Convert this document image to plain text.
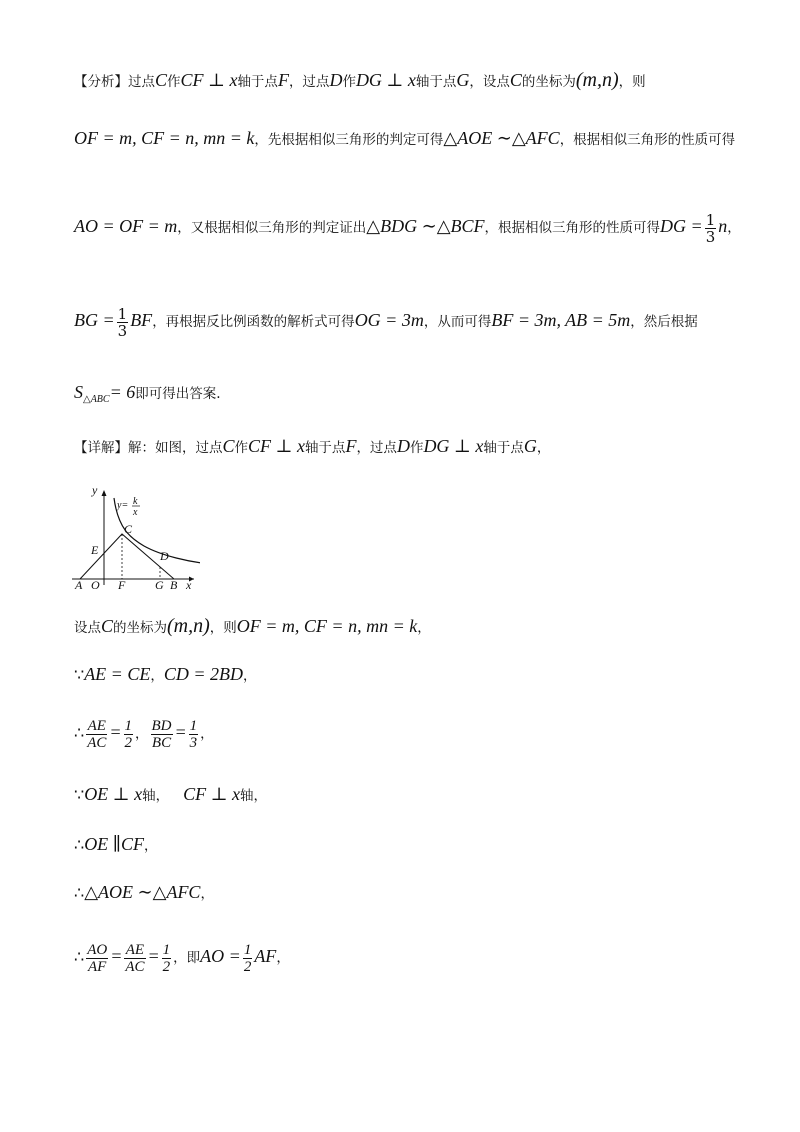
【分析】过点C作CF ⊥ x轴于点F，过点D作DG ⊥ x轴于点G，设点C的坐标为(m,n)，则
OF = m, CF = n, mn = k，先根据相似三角形的判定可得△AOE ∼△AFC，根据相似三角形的性质可得
AO = OF = m，又根据相似三角形的判定证出△BDG ∼△BCF，根据相似三角形的性质可得DG = $\frac{1}{3}$ n，
BG = $\frac{1}{3}$ BF，再根据反比例函数的解析式可得OG = 3m，从而可得BF = 3m, AB = 5m，然后根据
$S_{\triangle ABC}= 6$即可得出答案.
【详解】解：如图，过点C作CF ⊥ x轴于点F，过点D作DG ⊥ x轴于点G，
y
x
y= k
x
C
D
E
A O F G B
设点C的坐标为(m,n)，则OF = m, CF = n, mn = k，
∵AE = CE，CD = 2BD，
∴ $\frac{AE}{AC} = \frac{1}{2}$ ， $\frac{BD}{BC} = \frac{1}{3}$ ，
∵OE ⊥ x轴， CF ⊥ x轴，
∴OE ∥CF，
∴△AOE ∼△AFC，
∴ $\frac{AO}{AF} = \frac{AE}{AC} = \frac{1}{2}$ ，即AO = $\frac{1}{2}$ AF，
